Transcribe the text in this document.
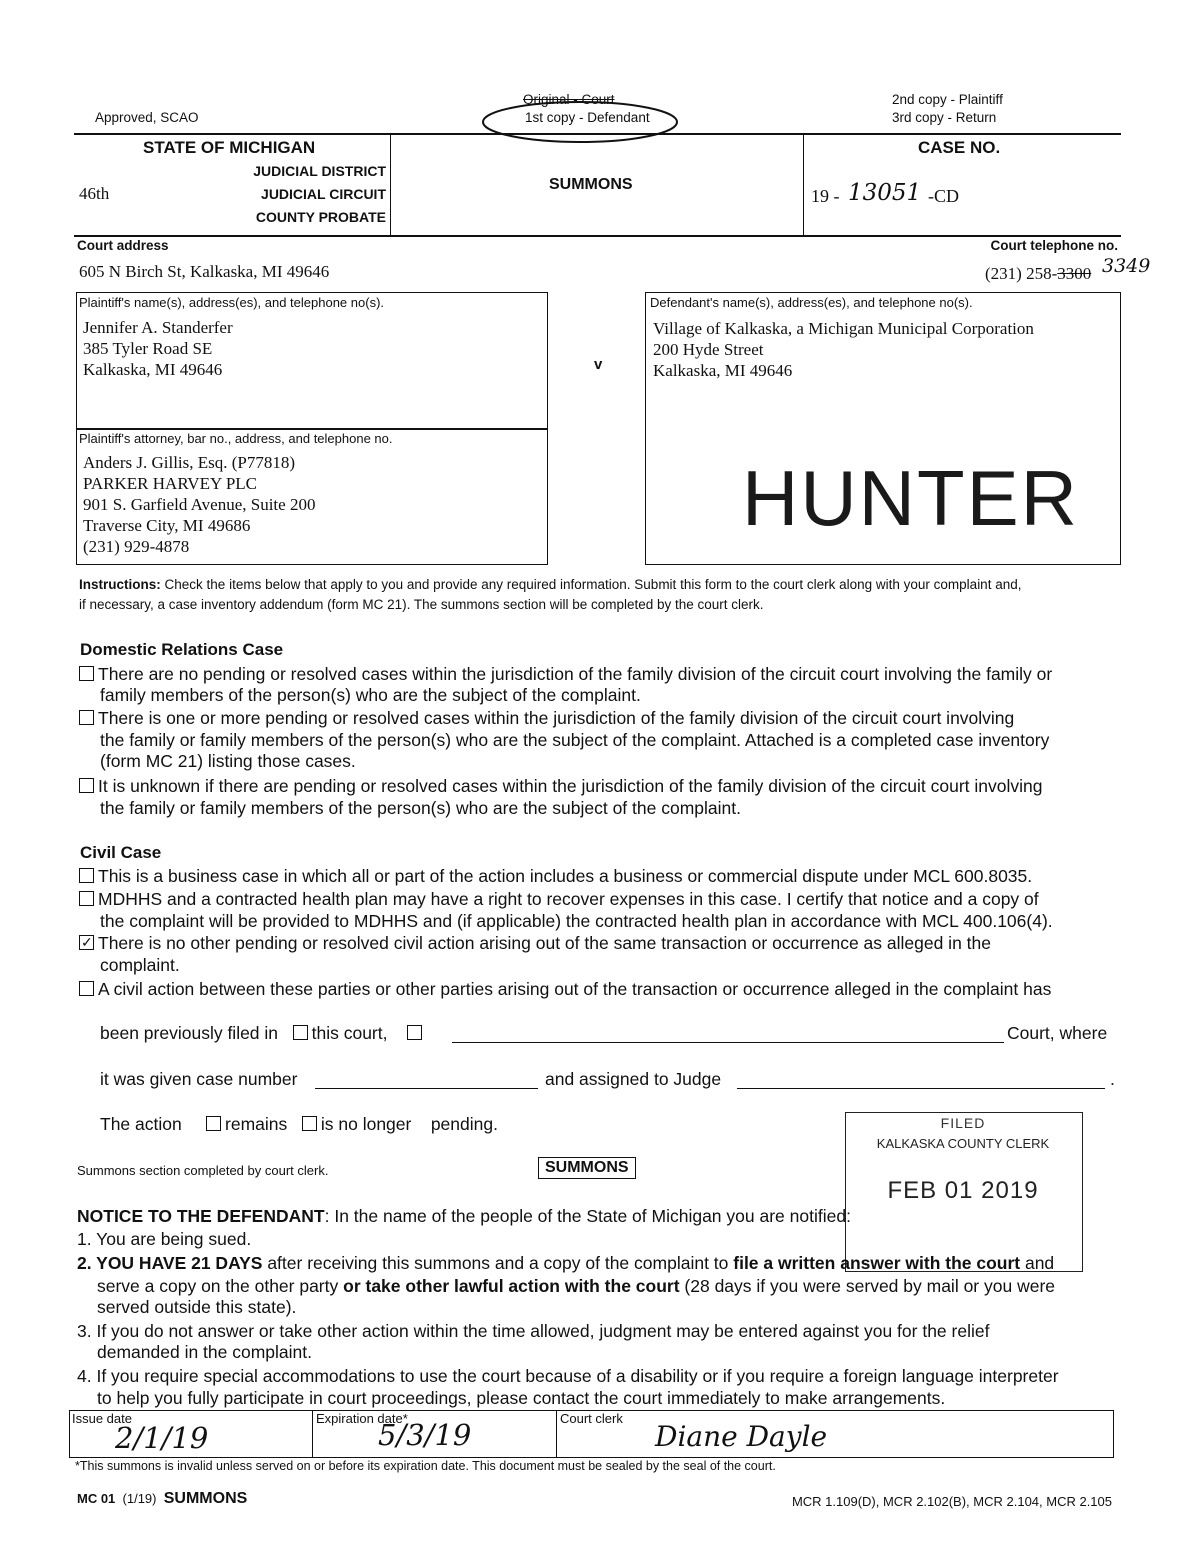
Approved, SCAO
Original - Court
1st copy - Defendant
2nd copy - Plaintiff
3rd copy - Return
STATE OF MICHIGAN
46th
JUDICIAL DISTRICT
JUDICIAL CIRCUIT
COUNTY PROBATE
SUMMONS
CASE NO.
19 - 13051 -CD
Court address
605 N Birch St, Kalkaska, MI 49646
Court telephone no.
(231) 258-3300 3349
Plaintiff's name(s), address(es), and telephone no(s).
Jennifer A. Standerfer
385 Tyler Road SE
Kalkaska, MI 49646
Plaintiff's attorney, bar no., address, and telephone no.
Anders J. Gillis, Esq. (P77818)
PARKER HARVEY PLC
901 S. Garfield Avenue, Suite 200
Traverse City, MI 49686
(231) 929-4878
v
Defendant's name(s), address(es), and telephone no(s).
Village of Kalkaska, a Michigan Municipal Corporation
200 Hyde Street
Kalkaska, MI 49646
HUNTER
Instructions: Check the items below that apply to you and provide any required information. Submit this form to the court clerk along with your complaint and,
if necessary, a case inventory addendum (form MC 21). The summons section will be completed by the court clerk.
Domestic Relations Case
There are no pending or resolved cases within the jurisdiction of the family division of the circuit court involving the family or
family members of the person(s) who are the subject of the complaint.
There is one or more pending or resolved cases within the jurisdiction of the family division of the circuit court involving
the family or family members of the person(s) who are the subject of the complaint. Attached is a completed case inventory
(form MC 21) listing those cases.
It is unknown if there are pending or resolved cases within the jurisdiction of the family division of the circuit court involving
the family or family members of the person(s) who are the subject of the complaint.
Civil Case
This is a business case in which all or part of the action includes a business or commercial dispute under MCL 600.8035.
MDHHS and a contracted health plan may have a right to recover expenses in this case. I certify that notice and a copy of
the complaint will be provided to MDHHS and (if applicable) the contracted health plan in accordance with MCL 400.106(4).
✓There is no other pending or resolved civil action arising out of the same transaction or occurrence as alleged in the
complaint.
A civil action between these parties or other parties arising out of the transaction or occurrence alleged in the complaint has
been previously filed in this court,	Court, where
it was given case number	and assigned to Judge	.
The action remains is no longer pending.	FILED
KALKASKA COUNTY CLERK
FEB 01 2019
Summons section completed by court clerk.	SUMMONS
NOTICE TO THE DEFENDANT: In the name of the people of the State of Michigan you are notified:
1. You are being sued.
2. YOU HAVE 21 DAYS after receiving this summons and a copy of the complaint to file a written answer with the court and
serve a copy on the other party or take other lawful action with the court (28 days if you were served by mail or you were
served outside this state).
3. If you do not answer or take other action within the time allowed, judgment may be entered against you for the relief
demanded in the complaint.
4. If you require special accommodations to use the court because of a disability or if you require a foreign language interpreter
to help you fully participate in court proceedings, please contact the court immediately to make arrangements.
Issue date
2/1/19
Expiration date*
5/3/19	Court clerk
Diane Dayle
*This summons is invalid unless served on or before its expiration date. This document must be sealed by the seal of the court.
MC 01 (1/19) SUMMONS	MCR 1.109(D), MCR 2.102(B), MCR 2.104, MCR 2.105
